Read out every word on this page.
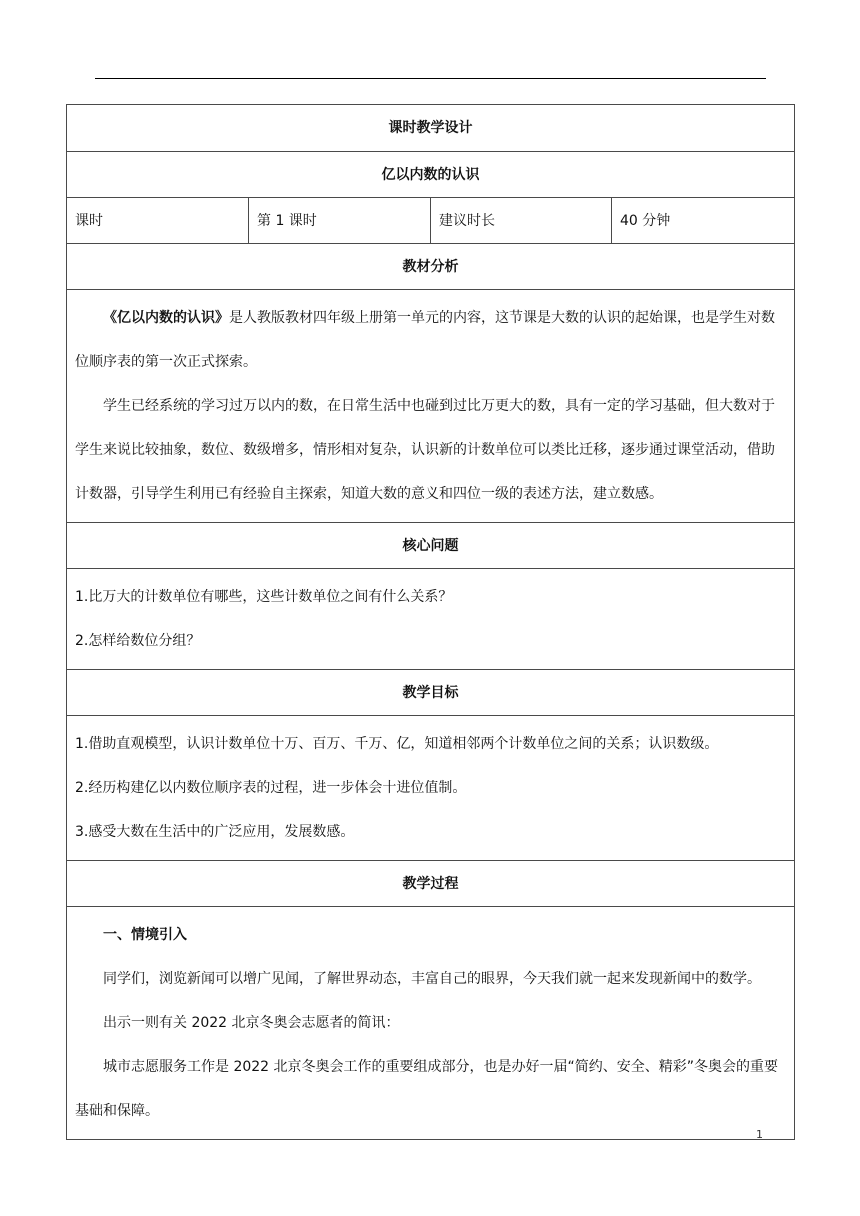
课时教学设计
亿以内数的认识
课时	第 1 课时	建议时长	40 分钟
教材分析

《亿以内数的认识》是人教版教材四年级上册第一单元的内容，这节课是大数的认识的起始课，也是学生对数位顺序表的第一次正式探索。

学生已经系统的学习过万以内的数，在日常生活中也碰到过比万更大的数，具有一定的学习基础，但大数对于学生来说比较抽象，数位、数级增多，情形相对复杂，认识新的计数单位可以类比迁移，逐步通过课堂活动，借助计数器，引导学生利用已有经验自主探索，知道大数的意义和四位一级的表述方法，建立数感。

核心问题

1.比万大的计数单位有哪些，这些计数单位之间有什么关系？

2.怎样给数位分组？

教学目标

1.借助直观模型，认识计数单位十万、百万、千万、亿，知道相邻两个计数单位之间的关系；认识数级。

2.经历构建亿以内数位顺序表的过程，进一步体会十进位值制。

3.感受大数在生活中的广泛应用，发展数感。

教学过程

一、情境引入

同学们，浏览新闻可以增广见闻，了解世界动态，丰富自己的眼界，今天我们就一起来发现新闻中的数学。

出示一则有关 2022 北京冬奥会志愿者的简讯：

城市志愿服务工作是 2022 北京冬奥会工作的重要组成部分，也是办好一届“简约、安全、精彩”冬奥会的重要基础和保障。

1
